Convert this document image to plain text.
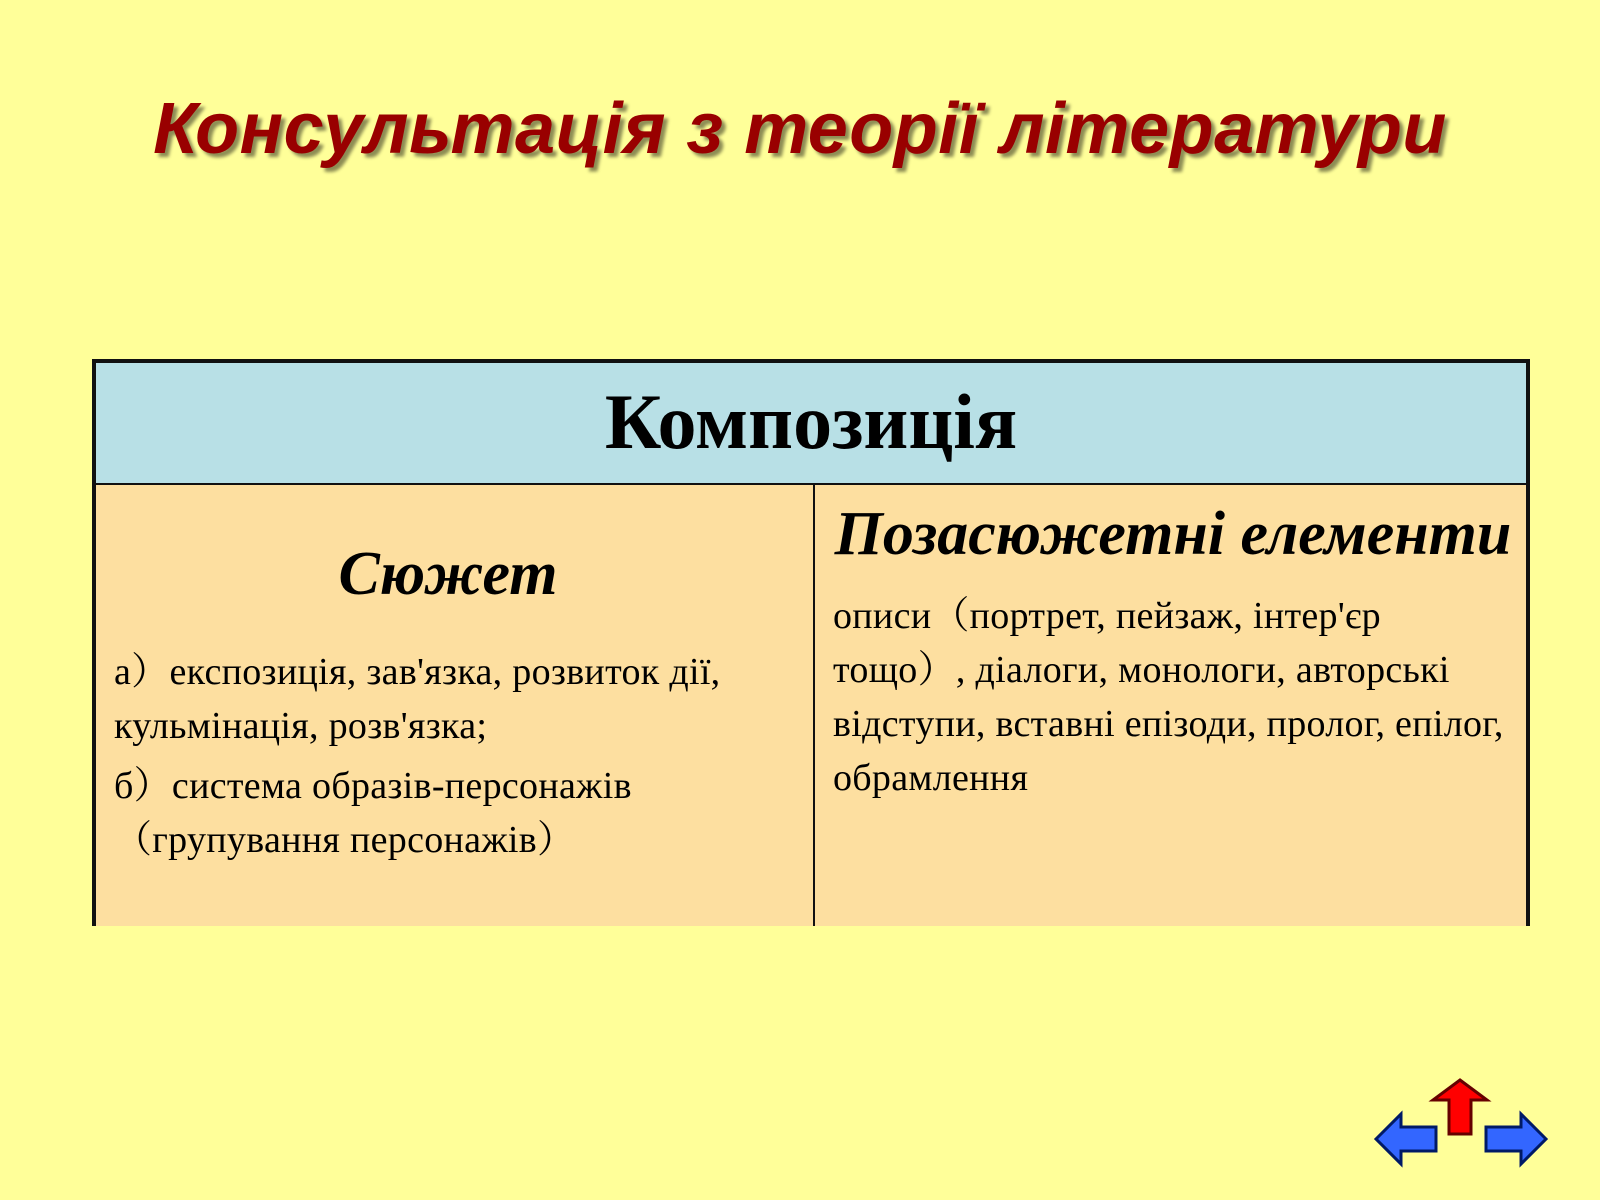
Консультація з теорії літератури
Композиція
Сюжет
а）експозиція, зав'язка, розвиток дії, кульмінація, розв'язка;
б）система образів-персонажів（групування персонажів）
Позасюжетні елементи
описи（портрет, пейзаж, інтер'єр тощо）, діалоги, монологи, авторські відступи, вставні епізоди, пролог, епілог, обрамлення
